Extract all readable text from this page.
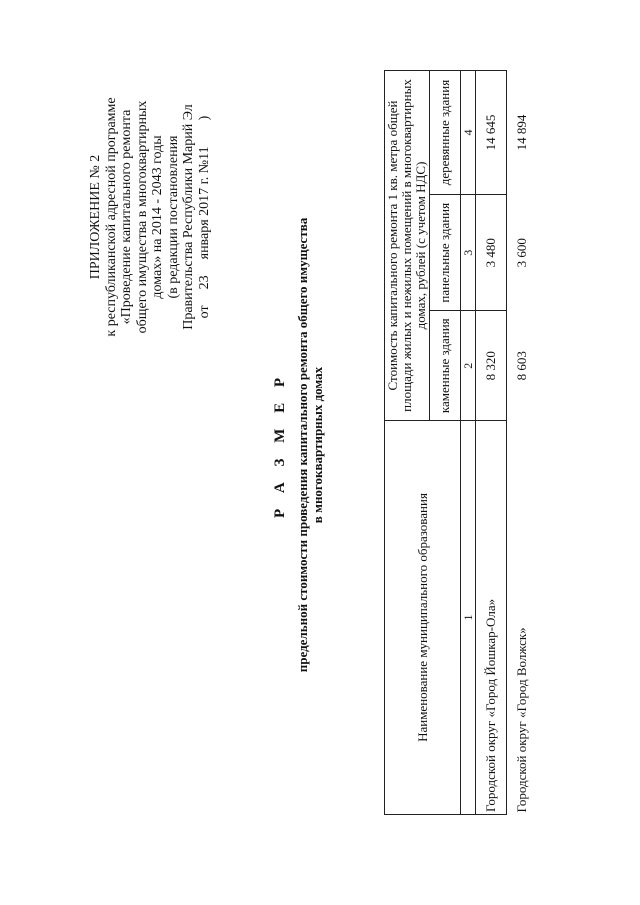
ПРИЛОЖЕНИЕ № 2 к республиканской адресной программе «Проведение капитального ремонта общего имущества в многоквартирных домах» на 2014 - 2043 годы (в редакции постановления Правительства Республики Марий Эл от23января 2017 г. №11)
Р А З М Е Р предельной стоимости проведения капитального ремонта общего имущества в многоквартирных домах
Наименование муниципального образования	Стоимость капитального ремонта 1 кв. метра общей площади жилых и нежилых помещений в многоквартирных домах, рублей (с учетом НДС)		
	каменные здания	панельные здания	деревянные здания
1	2	3	4
Городской округ «Город Йошкар-Ола»	8 320	3 480	14 645
Городской округ «Город Волжск»	8 603	3 600	14 894
